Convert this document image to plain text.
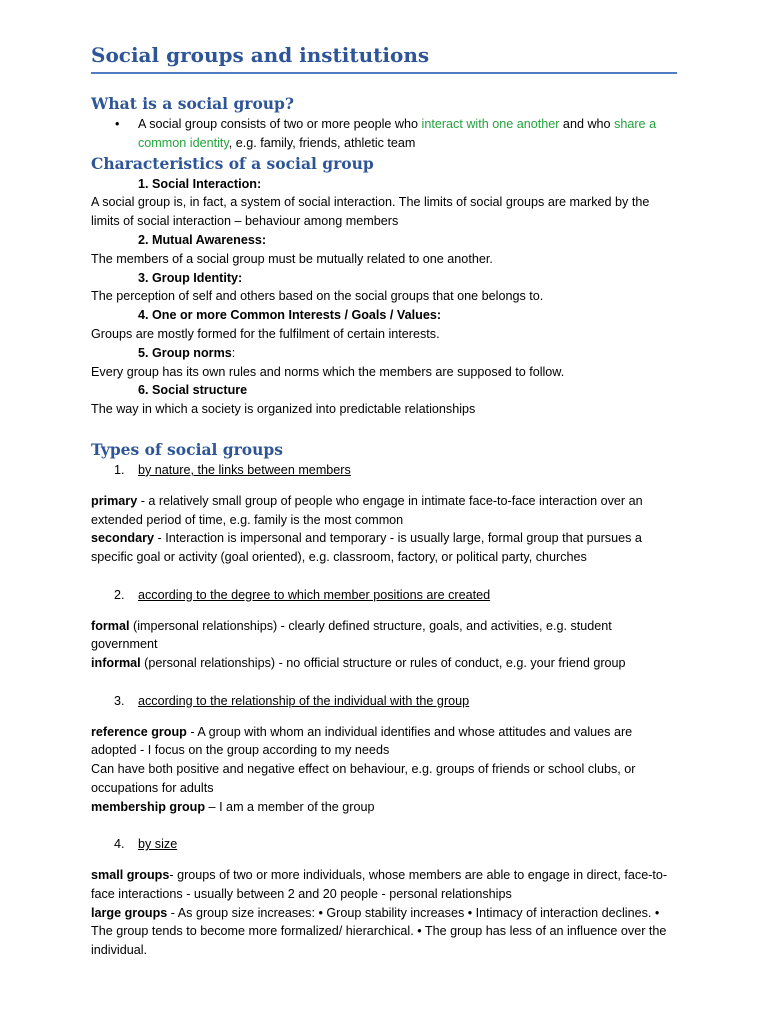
Social groups and institutions
What is a social group?
• A social group consists of two or more people who interact with one another and who share a common identity, e.g. family, friends, athletic team
Characteristics of a social group
1. Social Interaction:

A social group is, in fact, a system of social interaction. The limits of social groups are marked by the limits of social interaction – behaviour among members

2. Mutual Awareness:

The members of a social group must be mutually related to one another.

3. Group Identity:

The perception of self and others based on the social groups that one belongs to.

4. One or more Common Interests / Goals / Values:

Groups are mostly formed for the fulfilment of certain interests.

5. Group norms:

Every group has its own rules and norms which the members are supposed to follow.

6. Social structure

The way in which a society is organized into predictable relationships

Types of social groups
1. by nature, the links between members

primary - a relatively small group of people who engage in intimate face-to-face interaction over an extended period of time, e.g. family is the most common

secondary - Interaction is impersonal and temporary - is usually large, formal group that pursues a specific goal or activity (goal oriented), e.g. classroom, factory, or political party, churches

2. according to the degree to which member positions are created

formal (impersonal relationships) - clearly defined structure, goals, and activities, e.g. student government

informal (personal relationships) - no official structure or rules of conduct, e.g. your friend group

3. according to the relationship of the individual with the group

reference group - A group with whom an individual identifies and whose attitudes and values are adopted - I focus on the group according to my needs

Can have both positive and negative effect on behaviour, e.g. groups of friends or school clubs, or occupations for adults

membership group – I am a member of the group

4. by size

small groups- groups of two or more individuals, whose members are able to engage in direct, face-to-face interactions - usually between 2 and 20 people - personal relationships

large groups - As group size increases: • Group stability increases • Intimacy of interaction declines. • The group tends to become more formalized/ hierarchical. • The group has less of an influence over the individual.
